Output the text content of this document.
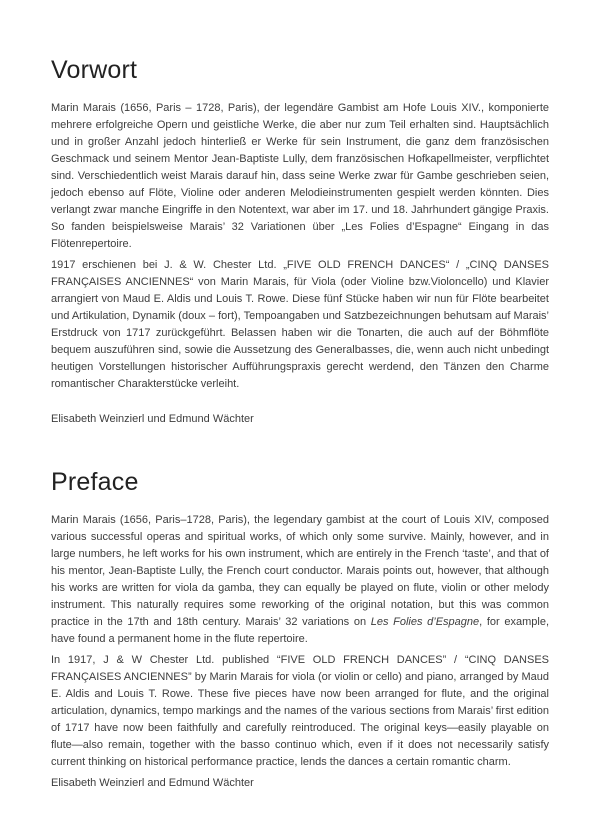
Vorwort

Marin Marais (1656, Paris – 1728, Paris), der legendäre Gambist am Hofe Louis XIV., komponierte mehrere erfolgreiche Opern und geistliche Werke, die aber nur zum Teil erhalten sind. Hauptsächlich und in großer Anzahl jedoch hinterließ er Werke für sein Instrument, die ganz dem französischen Geschmack und seinem Mentor Jean-Baptiste Lully, dem französischen Hofkapellmeister, verpflichtet sind. Verschiedentlich weist Marais darauf hin, dass seine Werke zwar für Gambe geschrieben seien, jedoch ebenso auf Flöte, Violine oder anderen Melodieinstrumenten gespielt werden könnten. Dies verlangt zwar manche Eingriffe in den Notentext, war aber im 17. und 18. Jahrhundert gängige Praxis. So fanden beispielsweise Marais’ 32 Variationen über „Les Folies d’Espagne“ Eingang in das Flötenrepertoire.

1917 erschienen bei J. & W. Chester Ltd. „FIVE OLD FRENCH DANCES“ / „CINQ DANSES FRANÇAISES ANCIENNES“ von Marin Marais, für Viola (oder Violine bzw.Violoncello) und Klavier arrangiert von Maud E. Aldis und Louis T. Rowe. Diese fünf Stücke haben wir nun für Flöte bearbeitet und Artikulation, Dynamik (doux – fort), Tempoangaben und Satzbezeichnungen behutsam auf Marais’ Erstdruck von 1717 zurückgeführt. Belassen haben wir die Tonarten, die auch auf der Böhmflöte bequem auszuführen sind, sowie die Aussetzung des Generalbasses, die, wenn auch nicht unbedingt heutigen Vorstellungen historischer Aufführungspraxis gerecht werdend, den Tänzen den Charme romantischer Charakterstücke verleiht.

Elisabeth Weinzierl und Edmund Wächter

Preface

Marin Marais (1656, Paris–1728, Paris), the legendary gambist at the court of Louis XIV, composed various successful operas and spiritual works, of which only some survive. Mainly, however, and in large numbers, he left works for his own instrument, which are entirely in the French ‘taste’, and that of his mentor, Jean-Baptiste Lully, the French court conductor. Marais points out, however, that although his works are written for viola da gamba, they can equally be played on flute, violin or other melody instrument. This naturally requires some reworking of the original notation, but this was common practice in the 17th and 18th century. Marais’ 32 variations on Les Folies d’Espagne, for example, have found a permanent home in the flute repertoire.

In 1917, J & W Chester Ltd. published “FIVE OLD FRENCH DANCES” / “CINQ DANSES FRANÇAISES ANCIENNES” by Marin Marais for viola (or violin or cello) and piano, arranged by Maud E. Aldis and Louis T. Rowe. These five pieces have now been arranged for flute, and the original articulation, dynamics, tempo markings and the names of the various sections from Marais’ first edition of 1717 have now been faithfully and carefully reintroduced. The original keys—easily playable on flute—also remain, together with the basso continuo which, even if it does not necessarily satisfy current thinking on historical performance practice, lends the dances a certain romantic charm.

Elisabeth Weinzierl and Edmund Wächter
